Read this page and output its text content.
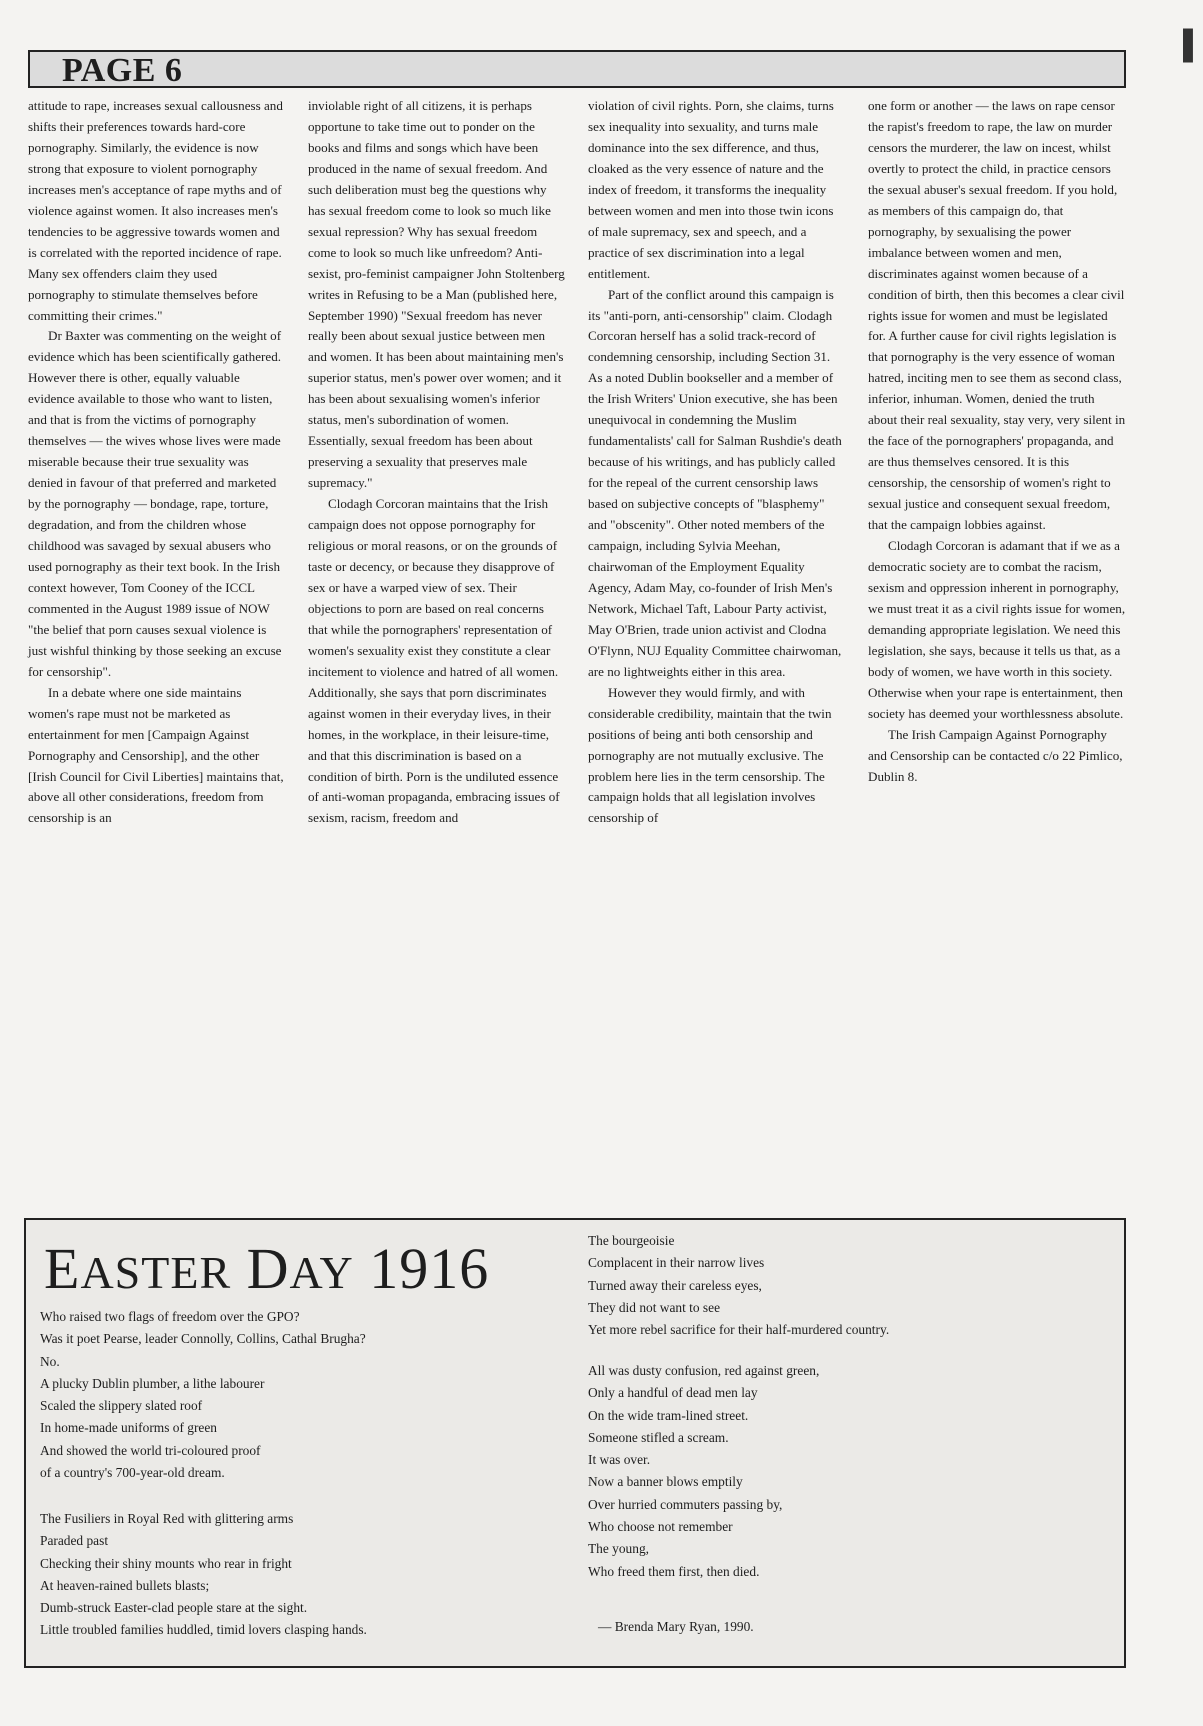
PAGE 6

attitude to rape, increases sexual callousness and shifts their preferences towards hard-core pornography. Similarly, the evidence is now strong that exposure to violent pornography increases men's acceptance of rape myths and of violence against women. It also increases men's tendencies to be aggressive towards women and is correlated with the reported incidence of rape. Many sex offenders claim they used pornography to stimulate themselves before committing their crimes."

Dr Baxter was commenting on the weight of evidence which has been scientifically gathered. However there is other, equally valuable evidence available to those who want to listen, and that is from the victims of pornography themselves — the wives whose lives were made miserable because their true sexuality was denied in favour of that preferred and marketed by the pornography — bondage, rape, torture, degradation, and from the children whose childhood was savaged by sexual abusers who used pornography as their text book. In the Irish context however, Tom Cooney of the ICCL commented in the August 1989 issue of NOW "the belief that porn causes sexual violence is just wishful thinking by those seeking an excuse for censorship".

In a debate where one side maintains women's rape must not be marketed as entertainment for men [Campaign Against Pornography and Censorship], and the other [Irish Council for Civil Liberties] maintains that, above all other considerations, freedom from censorship is an

inviolable right of all citizens, it is perhaps opportune to take time out to ponder on the books and films and songs which have been produced in the name of sexual freedom. And such deliberation must beg the questions why has sexual freedom come to look so much like sexual repression? Why has sexual freedom come to look so much like unfreedom? Anti-sexist, pro-feminist campaigner John Stoltenberg writes in Refusing to be a Man (published here, September 1990) "Sexual freedom has never really been about sexual justice between men and women. It has been about maintaining men's superior status, men's power over women; and it has been about sexualising women's inferior status, men's subordination of women. Essentially, sexual freedom has been about preserving a sexuality that preserves male supremacy."

Clodagh Corcoran maintains that the Irish campaign does not oppose pornography for religious or moral reasons, or on the grounds of taste or decency, or because they disapprove of sex or have a warped view of sex. Their objections to porn are based on real concerns that while the pornographers' representation of women's sexuality exist they constitute a clear incitement to violence and hatred of all women. Additionally, she says that porn discriminates against women in their everyday lives, in their homes, in the workplace, in their leisure-time, and that this discrimination is based on a condition of birth. Porn is the undiluted essence of anti-woman propaganda, embracing issues of sexism, racism, freedom and

violation of civil rights. Porn, she claims, turns sex inequality into sexuality, and turns male dominance into the sex difference, and thus, cloaked as the very essence of nature and the index of freedom, it transforms the inequality between women and men into those twin icons of male supremacy, sex and speech, and a practice of sex discrimination into a legal entitlement.

Part of the conflict around this campaign is its "anti-porn, anti-censorship" claim. Clodagh Corcoran herself has a solid track-record of condemning censorship, including Section 31. As a noted Dublin bookseller and a member of the Irish Writers' Union executive, she has been unequivocal in condemning the Muslim fundamentalists' call for Salman Rushdie's death because of his writings, and has publicly called for the repeal of the current censorship laws based on subjective concepts of "blasphemy" and "obscenity". Other noted members of the campaign, including Sylvia Meehan, chairwoman of the Employment Equality Agency, Adam May, co-founder of Irish Men's Network, Michael Taft, Labour Party activist, May O'Brien, trade union activist and Clodna O'Flynn, NUJ Equality Committee chairwoman, are no lightweights either in this area.

However they would firmly, and with considerable credibility, maintain that the twin positions of being anti both censorship and pornography are not mutually exclusive. The problem here lies in the term censorship. The campaign holds that all legislation involves censorship of

one form or another — the laws on rape censor the rapist's freedom to rape, the law on murder censors the murderer, the law on incest, whilst overtly to protect the child, in practice censors the sexual abuser's sexual freedom. If you hold, as members of this campaign do, that pornography, by sexualising the power imbalance between women and men, discriminates against women because of a condition of birth, then this becomes a clear civil rights issue for women and must be legislated for. A further cause for civil rights legislation is that pornography is the very essence of woman hatred, inciting men to see them as second class, inferior, inhuman. Women, denied the truth about their real sexuality, stay very, very silent in the face of the pornographers' propaganda, and are thus themselves censored. It is this censorship, the censorship of women's right to sexual justice and consequent sexual freedom, that the campaign lobbies against.

Clodagh Corcoran is adamant that if we as a democratic society are to combat the racism, sexism and oppression inherent in pornography, we must treat it as a civil rights issue for women, demanding appropriate legislation. We need this legislation, she says, because it tells us that, as a body of women, we have worth in this society. Otherwise when your rape is entertainment, then society has deemed your worthlessness absolute.

The Irish Campaign Against Pornography and Censorship can be contacted c/o 22 Pimlico, Dublin 8.

EASTER DAY 1916
Who raised two flags of freedom over the GPO?
Was it poet Pearse, leader Connolly, Collins, Cathal Brugha?
No.
A plucky Dublin plumber, a lithe labourer
Scaled the slippery slated roof
In home-made uniforms of green
And showed the world tri-coloured proof
of a country's 700-year-old dream.
The Fusiliers in Royal Red with glittering arms
Paraded past
Checking their shiny mounts who rear in fright
At heaven-rained bullets blasts;
Dumb-struck Easter-clad people stare at the sight.
Little troubled families huddled, timid lovers clasping hands.
The bourgeoisie
Complacent in their narrow lives
Turned away their careless eyes,
They did not want to see
Yet more rebel sacrifice for their half-murdered country.
All was dusty confusion, red against green,
Only a handful of dead men lay
On the wide tram-lined street.
Someone stifled a scream.
It was over.
Now a banner blows emptily
Over hurried commuters passing by,
Who choose not remember
The young,
Who freed them first, then died.
— Brenda Mary Ryan, 1990.
▌
